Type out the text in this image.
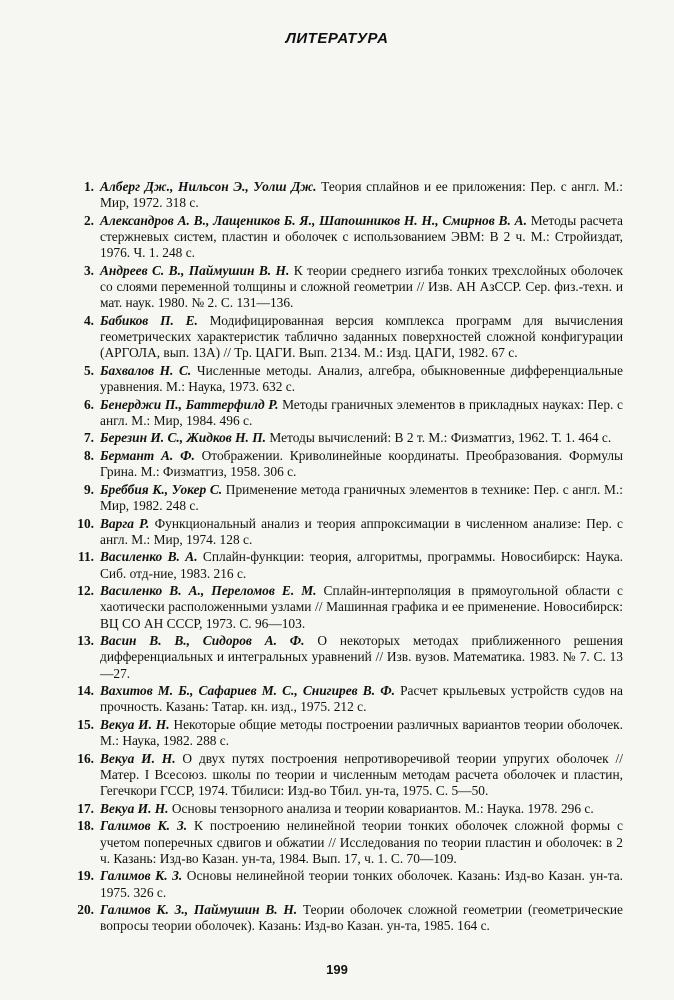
ЛИТЕРАТУРА
1. Алберг Дж., Нильсон Э., Уолш Дж. Теория сплайнов и ее приложения: Пер. с англ. М.: Мир, 1972. 318 с.
2. Александров А. В., Лащеников Б. Я., Шапошников Н. Н., Смирнов В. А. Методы расчета стержневых систем, пластин и оболочек с использованием ЭВМ: В 2 ч. М.: Стройиздат, 1976. Ч. 1. 248 с.
3. Андреев С. В., Паймушин В. Н. К теории среднего изгиба тонких трехслойных оболочек со слоями переменной толщины и сложной геометрии // Изв. АН АзССР. Сер. физ.-техн. и мат. наук. 1980. № 2. С. 131—136.
4. Бабиков П. Е. Модифицированная версия комплекса программ для вычисления геометрических характеристик таблично заданных поверхностей сложной конфигурации (АРГОЛА, вып. 13А) // Тр. ЦАГИ. Вып. 2134. М.: Изд. ЦАГИ, 1982. 67 с.
5. Бахвалов Н. С. Численные методы. Анализ, алгебра, обыкновенные дифференциальные уравнения. М.: Наука, 1973. 632 с.
6. Бенерджи П., Баттерфилд Р. Методы граничных элементов в прикладных науках: Пер. с англ. М.: Мир, 1984. 496 с.
7. Березин И. С., Жидков Н. П. Методы вычислений: В 2 т. М.: Физматгиз, 1962. Т. 1. 464 с.
8. Бермант А. Ф. Отображении. Криволинейные координаты. Преобразования. Формулы Грина. М.: Физматгиз, 1958. 306 с.
9. Бреббия К., Уокер С. Применение метода граничных элементов в технике: Пер. с англ. М.: Мир, 1982. 248 с.
10. Варга Р. Функциональный анализ и теория аппроксимации в численном анализе: Пер. с англ. М.: Мир, 1974. 128 с.
11. Василенко В. А. Сплайн-функции: теория, алгоритмы, программы. Новосибирск: Наука. Сиб. отд-ние, 1983. 216 с.
12. Василенко В. А., Переломов Е. М. Сплайн-интерполяция в прямоугольной области с хаотически расположенными узлами // Машинная графика и ее применение. Новосибирск: ВЦ СО АН СССР, 1973. С. 96—103.
13. Васин В. В., Сидоров А. Ф. О некоторых методах приближенного решения дифференциальных и интегральных уравнений // Изв. вузов. Математика. 1983. № 7. С. 13—27.
14. Вахитов М. Б., Сафариев М. С., Снигирев В. Ф. Расчет крыльевых устройств судов на прочность. Казань: Татар. кн. изд., 1975. 212 с.
15. Векуа И. Н. Некоторые общие методы построении различных вариантов теории оболочек. М.: Наука, 1982. 288 с.
16. Векуа И. Н. О двух путях построения непротиворечивой теории упругих оболочек // Матер. I Всесоюз. школы по теории и численным методам расчета оболочек и пластин, Гегечкори ГССР, 1974. Тбилиси: Изд-во Тбил. ун-та, 1975. С. 5—50.
17. Векуа И. Н. Основы тензорного анализа и теории ковариантов. М.: Наука. 1978. 296 с.
18. Галимов К. З. К построению нелинейной теории тонких оболочек сложной формы с учетом поперечных сдвигов и обжатии // Исследования по теории пластин и оболочек: в 2 ч. Казань: Изд-во Казан. ун-та, 1984. Вып. 17, ч. 1. С. 70—109.
19. Галимов К. З. Основы нелинейной теории тонких оболочек. Казань: Изд-во Казан. ун-та. 1975. 326 с.
20. Галимов К. З., Паймушин В. Н. Теории оболочек сложной геометрии (геометрические вопросы теории оболочек). Казань: Изд-во Казан. ун-та, 1985. 164 с.
199
